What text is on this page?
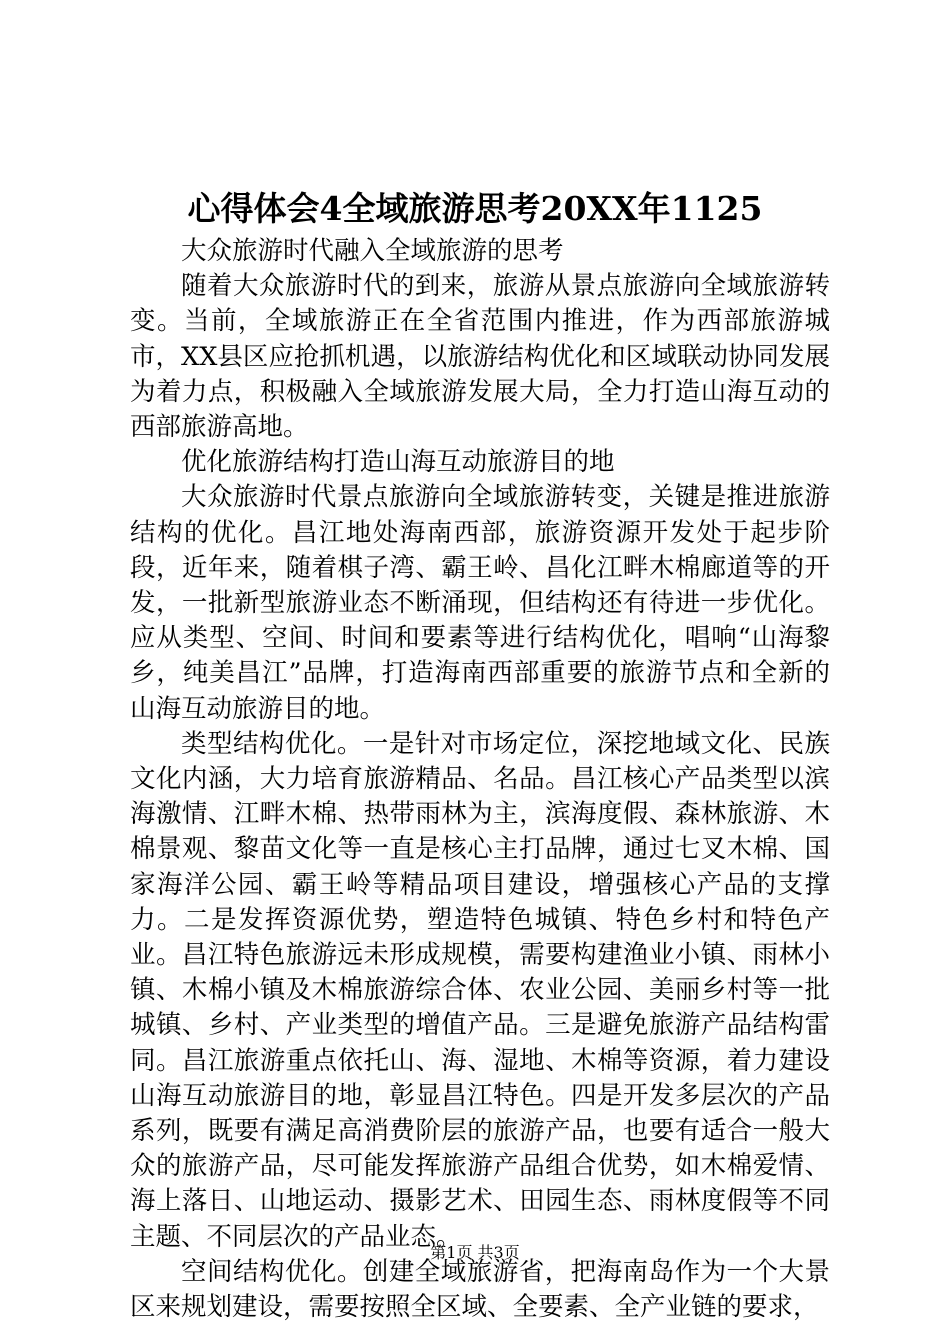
心得体会4全域旅游思考20XX年1125

大众旅游时代融入全域旅游的思考

随着大众旅游时代的到来，旅游从景点旅游向全域旅游转变。当前，全域旅游正在全省范围内推进，作为西部旅游城市，XX县区应抢抓机遇，以旅游结构优化和区域联动协同发展为着力点，积极融入全域旅游发展大局，全力打造山海互动的西部旅游高地。

优化旅游结构打造山海互动旅游目的地

大众旅游时代景点旅游向全域旅游转变，关键是推进旅游结构的优化。昌江地处海南西部，旅游资源开发处于起步阶段，近年来，随着棋子湾、霸王岭、昌化江畔木棉廊道等的开发，一批新型旅游业态不断涌现，但结构还有待进一步优化。应从类型、空间、时间和要素等进行结构优化，唱响“山海黎乡，纯美昌江”品牌，打造海南西部重要的旅游节点和全新的山海互动旅游目的地。

类型结构优化。一是针对市场定位，深挖地域文化、民族文化内涵，大力培育旅游精品、名品。昌江核心产品类型以滨海激情、江畔木棉、热带雨林为主，滨海度假、森林旅游、木棉景观、黎苗文化等一直是核心主打品牌，通过七叉木棉、国家海洋公园、霸王岭等精品项目建设，增强核心产品的支撑力。二是发挥资源优势，塑造特色城镇、特色乡村和特色产业。昌江特色旅游远未形成规模，需要构建渔业小镇、雨林小镇、木棉小镇及木棉旅游综合体、农业公园、美丽乡村等一批城镇、乡村、产业类型的增值产品。三是避免旅游产品结构雷同。昌江旅游重点依托山、海、湿地、木棉等资源，着力建设山海互动旅游目的地，彰显昌江特色。四是开发多层次的产品系列，既要有满足高消费阶层的旅游产品，也要有适合一般大众的旅游产品，尽可能发挥旅游产品组合优势，如木棉爱情、海上落日、山地运动、摄影艺术、田园生态、雨林度假等不同主题、不同层次的产品业态。

空间结构优化。创建全域旅游省，把海南岛作为一个大景区来规划建设，需要按照全区域、全要素、全产业链的要求，

第1页 共3页
